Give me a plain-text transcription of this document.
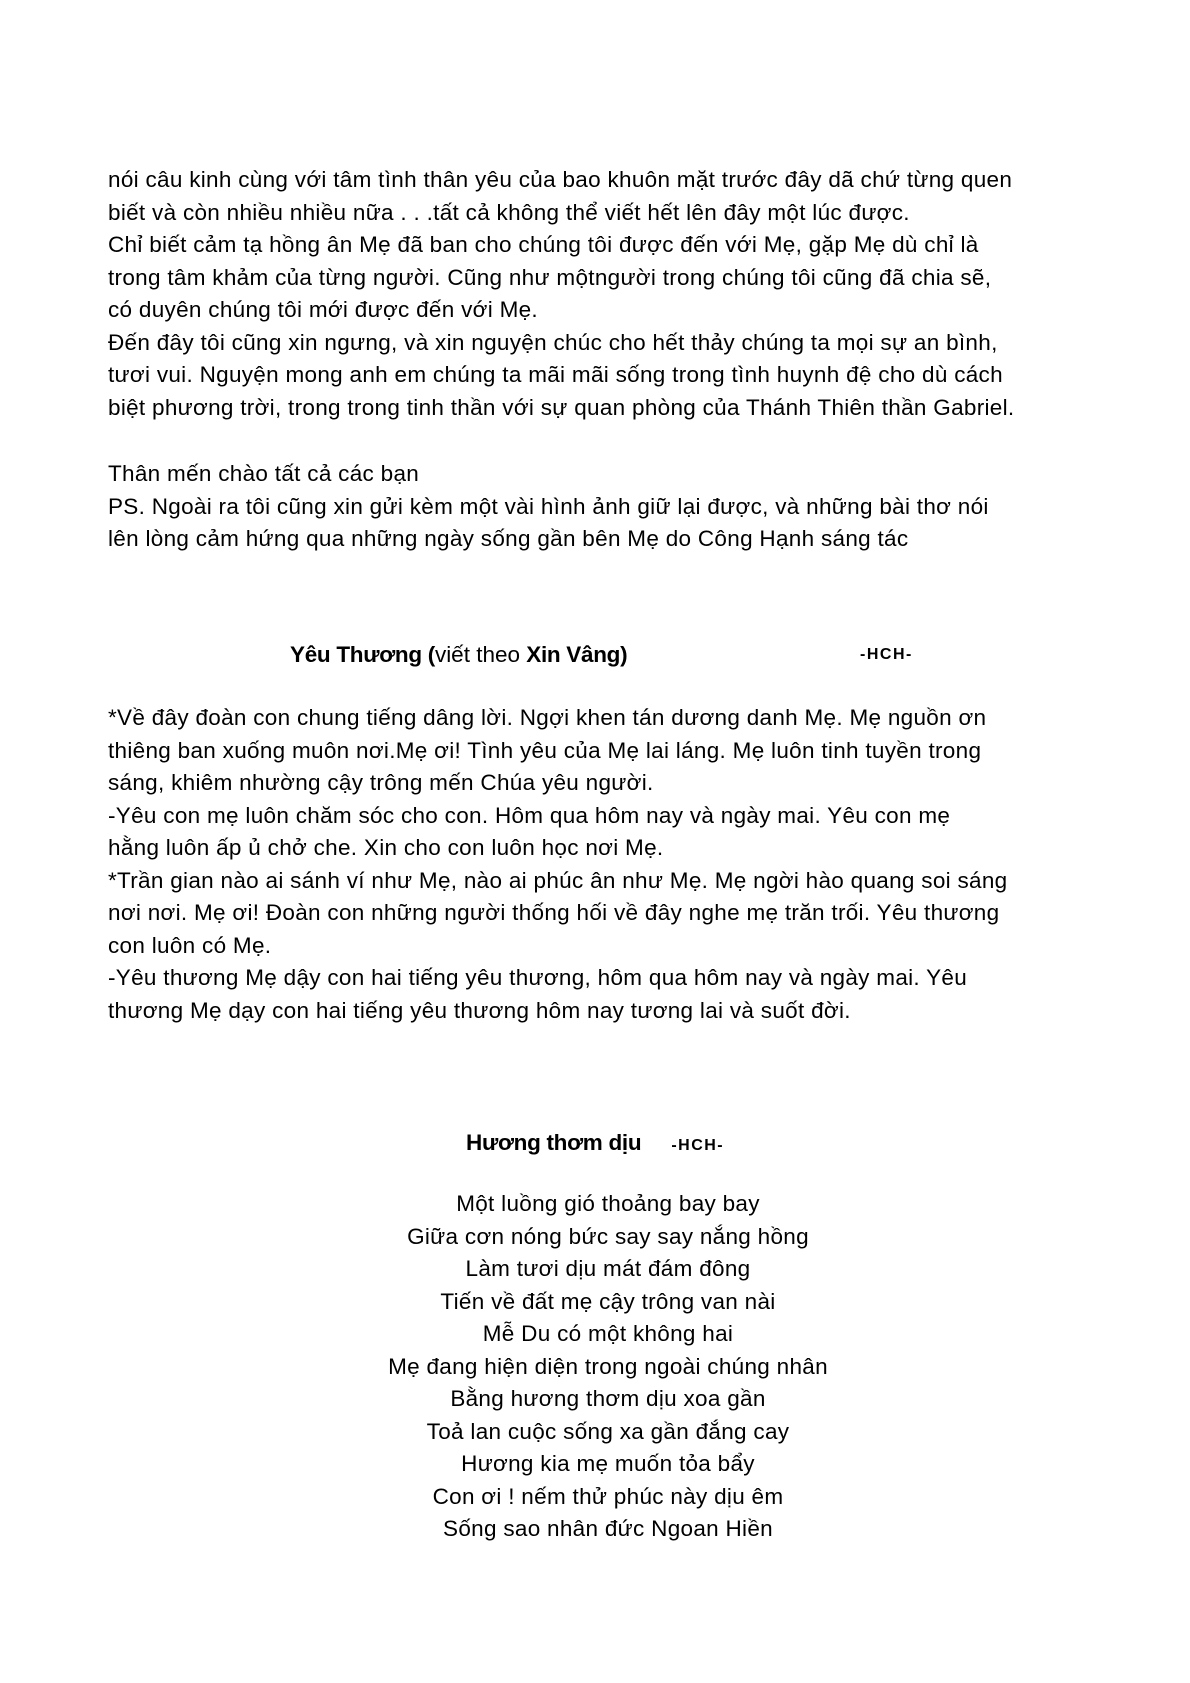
nói câu kinh cùng với tâm tình thân yêu của bao khuôn mặt trước đây dã chứ từng quen

biết và còn nhiều nhiều nữa . . .tất cả không thể viết hết lên đây một lúc được.

Chỉ biết cảm tạ hồng ân Mẹ đã ban cho chúng tôi được đến với Mẹ, gặp Mẹ dù chỉ là

trong tâm khảm của từng người. Cũng như mộtngười trong chúng tôi cũng đã chia sẽ,

có duyên chúng tôi mới được đến với Mẹ.

Đến đây tôi cũng xin ngưng, và xin nguyện chúc cho hết thảy chúng ta mọi sự an bình,

tươi vui. Nguyện mong anh em chúng ta mãi mãi sống trong tình huynh đệ cho dù cách

biệt phương trời, trong trong tinh thần với sự quan phòng của Thánh Thiên thần Gabriel.

Thân mến chào tất cả các bạn

PS. Ngoài ra tôi cũng xin gửi kèm một vài hình ảnh giữ lại được, và những bài thơ nói

lên lòng cảm hứng qua những ngày sống gần bên Mẹ do Công Hạnh sáng tác

Yêu Thương (viết theo Xin Vâng)	-HCH-

*Về đây đoàn con chung tiếng dâng lời. Ngợi khen tán dương danh Mẹ. Mẹ nguồn ơn

thiêng ban xuống muôn nơi.Mẹ ơi! Tình yêu của Mẹ lai láng. Mẹ luôn tinh tuyền trong

sáng, khiêm nhường cậy trông mến Chúa yêu người.

-Yêu con mẹ luôn chăm sóc cho con. Hôm qua hôm nay và ngày mai. Yêu con mẹ

hằng luôn ấp ủ chở che. Xin cho con luôn học nơi Mẹ.

*Trần gian nào ai sánh ví như Mẹ, nào ai phúc ân như Mẹ. Mẹ ngời hào quang soi sáng

nơi nơi. Mẹ ơi! Đoàn con những người thống hối về đây nghe mẹ trăn trối. Yêu thương

con luôn có Mẹ.

-Yêu thương Mẹ dậy con hai tiếng yêu thương, hôm qua hôm nay và ngày mai. Yêu

thương Mẹ dạy con hai tiếng yêu thương hôm nay tương lai và suốt đời.

Hương thơm dịu -HCH-
Một luồng gió thoảng bay bay
Giữa cơn nóng bức say say nắng hồng
Làm tươi dịu mát đám đông
Tiến về đất mẹ cậy trông van nài
Mễ Du có một không hai
Mẹ đang hiện diện trong ngoài chúng nhân
Bằng hương thơm dịu xoa gần
Toả lan cuộc sống xa gần đắng cay
Hương kia mẹ muốn tỏa bẩy
Con ơi ! nếm thử phúc này dịu êm
Sống sao nhân đức Ngoan Hiền
